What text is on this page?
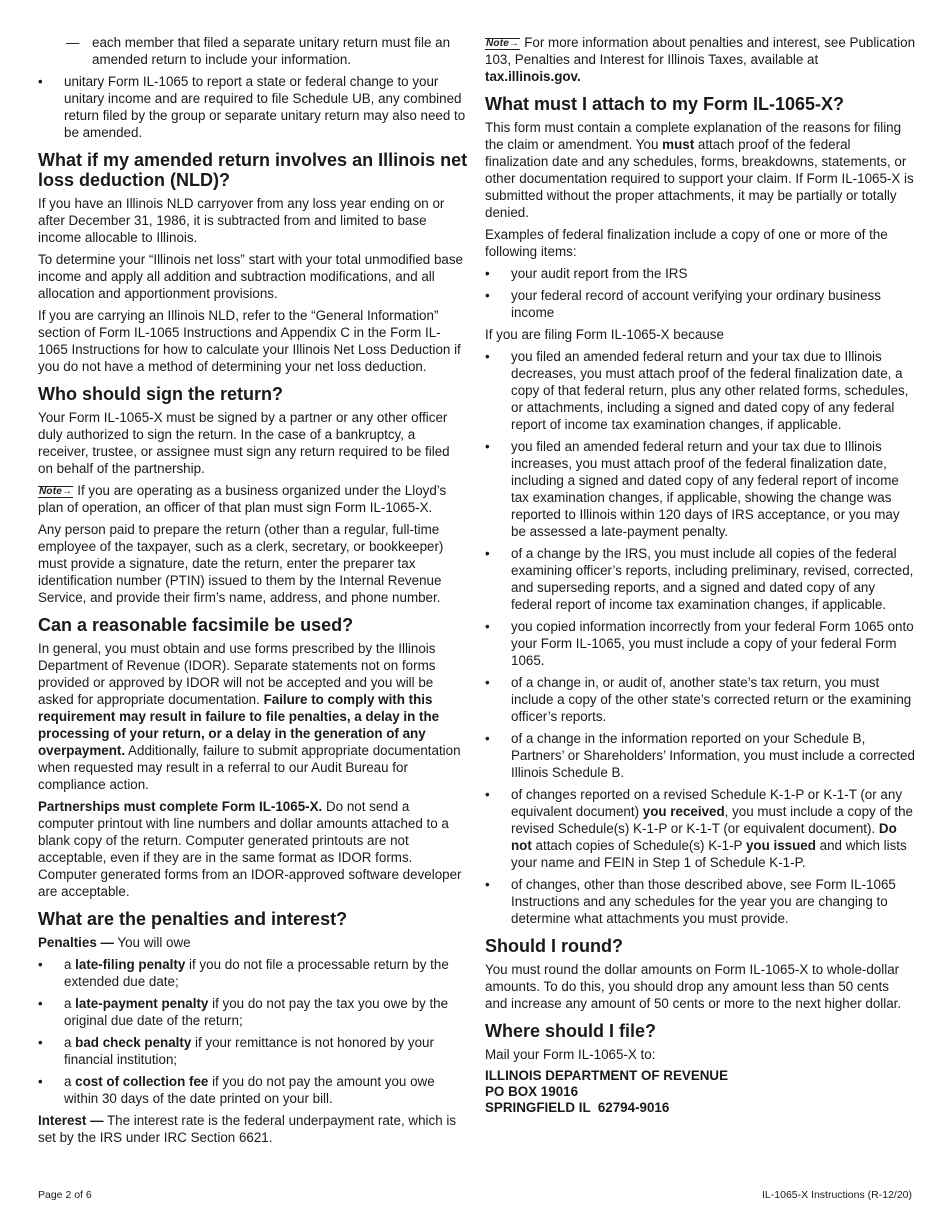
— each member that filed a separate unitary return must file an amended return to include your information.
•	unitary Form IL-1065 to report a state or federal change to your unitary income and are required to file Schedule UB, any combined return filed by the group or separate unitary return may also need to be amended.
What if my amended return involves an Illinois net loss deduction (NLD)?

If you have an Illinois NLD carryover from any loss year ending on or after December 31, 1986, it is subtracted from and limited to base income allocable to Illinois.

To determine your “Illinois net loss” start with your total unmodified base income and apply all addition and subtraction modifications, and all allocation and apportionment provisions.

If you are carrying an Illinois NLD, refer to the “General Information” section of Form IL-1065 Instructions and Appendix C in the Form IL-1065 Instructions for how to calculate your Illinois Net Loss Deduction if you do not have a method of determining your net loss deduction.

Who should sign the return?

Your Form IL-1065-X must be signed by a partner or any other officer duly authorized to sign the return. In the case of a bankruptcy, a receiver, trustee, or assignee must sign any return required to be filed on behalf of the partnership.

Note→ If you are operating as a business organized under the Lloyd’s plan of operation, an officer of that plan must sign Form IL-1065-X.

Any person paid to prepare the return (other than a regular, full-time employee of the taxpayer, such as a clerk, secretary, or bookkeeper) must provide a signature, date the return, enter the preparer tax identification number (PTIN) issued to them by the Internal Revenue Service, and provide their firm’s name, address, and phone number.

Can a reasonable facsimile be used?

In general, you must obtain and use forms prescribed by the Illinois Department of Revenue (IDOR). Separate statements not on forms provided or approved by IDOR will not be accepted and you will be asked for appropriate documentation. Failure to comply with this requirement may result in failure to file penalties, a delay in the processing of your return, or a delay in the generation of any overpayment. Additionally, failure to submit appropriate documentation when requested may result in a referral to our Audit Bureau for compliance action.

Partnerships must complete Form IL-1065-X. Do not send a computer printout with line numbers and dollar amounts attached to a blank copy of the return. Computer generated printouts are not acceptable, even if they are in the same format as IDOR forms. Computer generated forms from an IDOR-approved software developer are acceptable.

What are the penalties and interest?

Penalties — You will owe

•	a late-filing penalty if you do not file a processable return by the extended due date;
•	a late-payment penalty if you do not pay the tax you owe by the original due date of the return;
•	a bad check penalty if your remittance is not honored by your financial institution;
•	a cost of collection fee if you do not pay the amount you owe within 30 days of the date printed on your bill.

Interest — The interest rate is the federal underpayment rate, which is set by the IRS under IRC Section 6621.

Note→ For more information about penalties and interest, see Publication 103, Penalties and Interest for Illinois Taxes, available at tax.illinois.gov.

What must I attach to my Form IL-1065-X?

This form must contain a complete explanation of the reasons for filing the claim or amendment. You must attach proof of the federal finalization date and any schedules, forms, breakdowns, statements, or other documentation required to support your claim. If Form IL-1065-X is submitted without the proper attachments, it may be partially or totally denied.

Examples of federal finalization include a copy of one or more of the following items:

•	your audit report from the IRS
•	your federal record of account verifying your ordinary business income

If you are filing Form IL-1065-X because

•	you filed an amended federal return and your tax due to Illinois decreases, you must attach proof of the federal finalization date, a copy of that federal return, plus any other related forms, schedules, or attachments, including a signed and dated copy of any federal report of income tax examination changes, if applicable.
•	you filed an amended federal return and your tax due to Illinois increases, you must attach proof of the federal finalization date, including a signed and dated copy of any federal report of income tax examination changes, if applicable, showing the change was reported to Illinois within 120 days of IRS acceptance, or you may be assessed a late-payment penalty.
•	of a change by the IRS, you must include all copies of the federal examining officer’s reports, including preliminary, revised, corrected, and superseding reports, and a signed and dated copy of any federal report of income tax examination changes, if applicable.
•	you copied information incorrectly from your federal Form 1065 onto your Form IL-1065, you must include a copy of your federal Form 1065.
•	of a change in, or audit of, another state’s tax return, you must include a copy of the other state’s corrected return or the examining officer’s reports.
•	of a change in the information reported on your Schedule B, Partners’ or Shareholders’ Information, you must include a corrected Illinois Schedule B.
•	of changes reported on a revised Schedule K-1-P or K-1-T (or any equivalent document) you received, you must include a copy of the revised Schedule(s) K-1-P or K-1-T (or equivalent document). Do not attach copies of Schedule(s) K-1-P you issued and which lists your name and FEIN in Step 1 of Schedule K-1-P.
•	of changes, other than those described above, see Form IL-1065 Instructions and any schedules for the year you are changing to determine what attachments you must provide.
Should I round?

You must round the dollar amounts on Form IL-1065-X to whole-dollar amounts. To do this, you should drop any amount less than 50 cents and increase any amount of 50 cents or more to the next higher dollar.

Where should I file?

Mail your Form IL-1065-X to:

ILLINOIS DEPARTMENT OF REVENUE

PO BOX 19016

SPRINGFIELD IL  62794-9016

Page 2 of 6	IL-1065-X Instructions (R-12/20)
